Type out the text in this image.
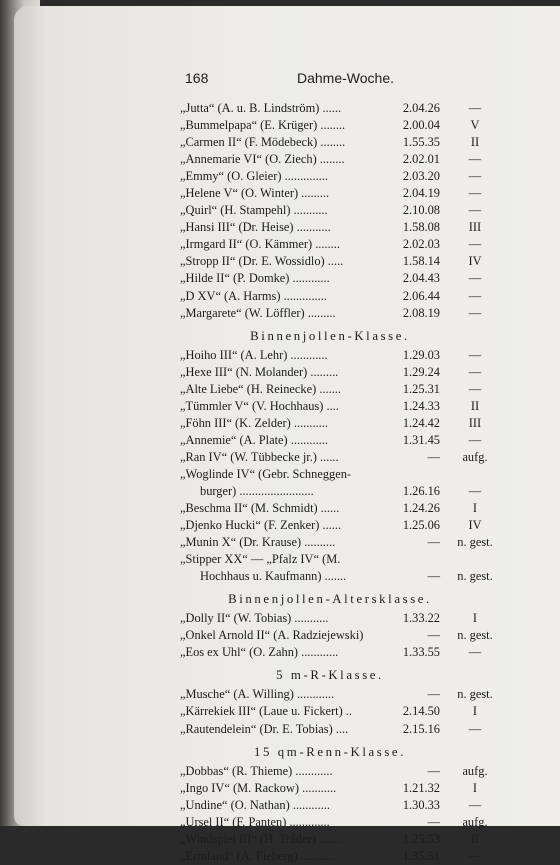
168	Dahme-Woche.
„Jutta“ (A. u. B. Lindström) ......	2.04.26	—
„Bummelpapa“ (E. Krüger) ........	2.00.04	V
„Carmen II“ (F. Mödebeck) ........	1.55.35	II
„Annemarie VI“ (O. Ziech) ........	2.02.01	—
„Emmy“ (O. Gleier) ..............	2.03.20	—
„Helene V“ (O. Winter) .........	2.04.19	—
„Quirl“ (H. Stampehl) ...........	2.10.08	—
„Hansi III“ (Dr. Heise) ...........	1.58.08	III
„Irmgard II“ (O. Kämmer) ........	2.02.03	—
„Stropp II“ (Dr. E. Wossidlo) .....	1.58.14	IV
„Hilde II“ (P. Domke) ............	2.04.43	—
„D XV“ (A. Harms) ..............	2.06.44	—
„Margarete“ (W. Löffler) .........	2.08.19	—
Binnenjollen-Klasse.
„Hoiho III“ (A. Lehr) ............	1.29.03	—
„Hexe III“ (N. Molander) .........	1.29.24	—
„Alte Liebe“ (H. Reinecke) .......	1.25.31	—
„Tümmler V“ (V. Hochhaus) ....	1.24.33	II
„Föhn III“ (K. Zelder) ...........	1.24.42	III
„Annemie“ (A. Plate) ............	1.31.45	—
„Ran IV“ (W. Tübbecke jr.) ......	—	aufg.
„Woglinde IV“ (Gebr. Schneggen-
burger) ........................	1.26.16	—
„Beschma II“ (M. Schmidt) ......	1.24.26	I
„Djenko Hucki“ (F. Zenker) ......	1.25.06	IV
„Munin X“ (Dr. Krause) ..........	—	n. gest.
„Stipper XX“ — „Pfalz IV“ (M.
Hochhaus u. Kaufmann) .......	—	n. gest.
Binnenjollen-Altersklasse.
„Dolly II“ (W. Tobias) ...........	1.33.22	I
„Onkel Arnold II“ (A. Radziejewski)	—	n. gest.
„Eos ex Uhl“ (O. Zahn) ............	1.33.55	—
5 m-R-Klasse.
„Musche“ (A. Willing) ............	—	n. gest.
„Kärrekiek III“ (Laue u. Fickert) ..	2.14.50	I
„Rautendelein“ (Dr. E. Tobias) ....	2.15.16	—
15 qm-Renn-Klasse.
„Dobbas“ (R. Thieme) ............	—	aufg.
„Ingo IV“ (M. Rackow) ...........	1.21.32	I
„Undine“ (O. Nathan) ............	1.30.33	—
„Ursel II“ (F. Panten) .............	—	aufg.
„Windspiel III“ (H. Träder) .......	1.25.53	II
„Ermland“ (A. Fieberg) ...........	1.35.51	—
